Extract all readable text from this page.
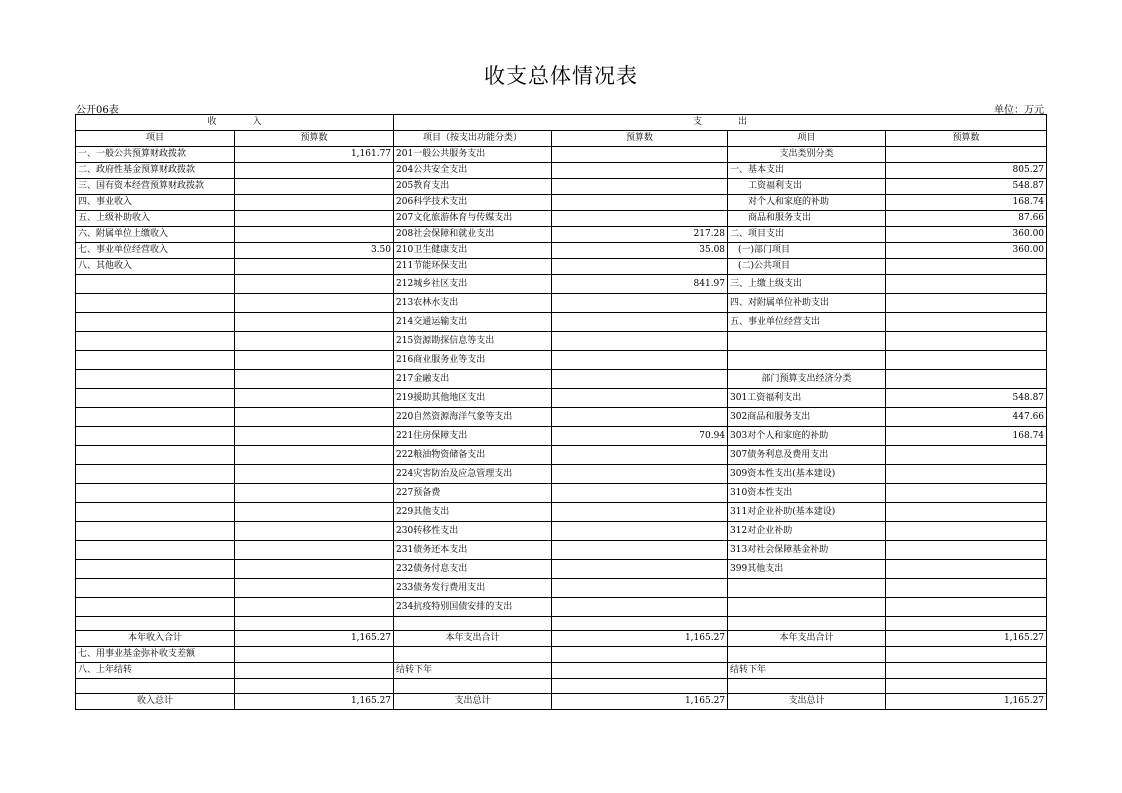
收支总体情况表
公开06表	单位：万元
收　　　　入		支　　　　出			
项目	预算数	项目（按支出功能分类）	预算数	项目	预算数
一、一般公共预算财政拨款	1,161.77	201一般公共服务支出		支出类别分类	
二、政府性基金预算财政拨款		204公共安全支出		一、基本支出	805.27
三、国有资本经营预算财政拨款		205教育支出		工资福利支出	548.87
四、事业收入		206科学技术支出		对个人和家庭的补助	168.74
五、上级补助收入		207文化旅游体育与传媒支出		商品和服务支出	87.66
六、附属单位上缴收入		208社会保障和就业支出	217.28	二、项目支出	360.00
七、事业单位经营收入	3.50	210卫生健康支出	35.08	(一)部门项目	360.00
八、其他收入		211节能环保支出		(二)公共项目	
		212城乡社区支出	841.97	三、上缴上级支出	
		213农林水支出		四、对附属单位补助支出	
		214交通运输支出		五、事业单位经营支出	
		215资源勘探信息等支出			
		216商业服务业等支出			
		217金融支出		部门预算支出经济分类	
		219援助其他地区支出		301工资福利支出	548.87
		220自然资源海洋气象等支出		302商品和服务支出	447.66
		221住房保障支出	70.94	303对个人和家庭的补助	168.74
		222粮油物资储备支出		307债务利息及费用支出	
		224灾害防治及应急管理支出		309资本性支出(基本建设)	
		227预备费		310资本性支出	
		229其他支出		311对企业补助(基本建设)	
		230转移性支出		312对企业补助	
		231债务还本支出		313对社会保障基金补助	
		232债务付息支出		399其他支出	
		233债务发行费用支出			
		234抗疫特别国债安排的支出			

本年收入合计	1,165.27	本年支出合计	1,165.27	本年支出合计	1,165.27
七、用事业基金弥补收支差额					
八、上年结转		结转下年		结转下年	

收入总计	1,165.27	支出总计	1,165.27	支出总计	1,165.27
